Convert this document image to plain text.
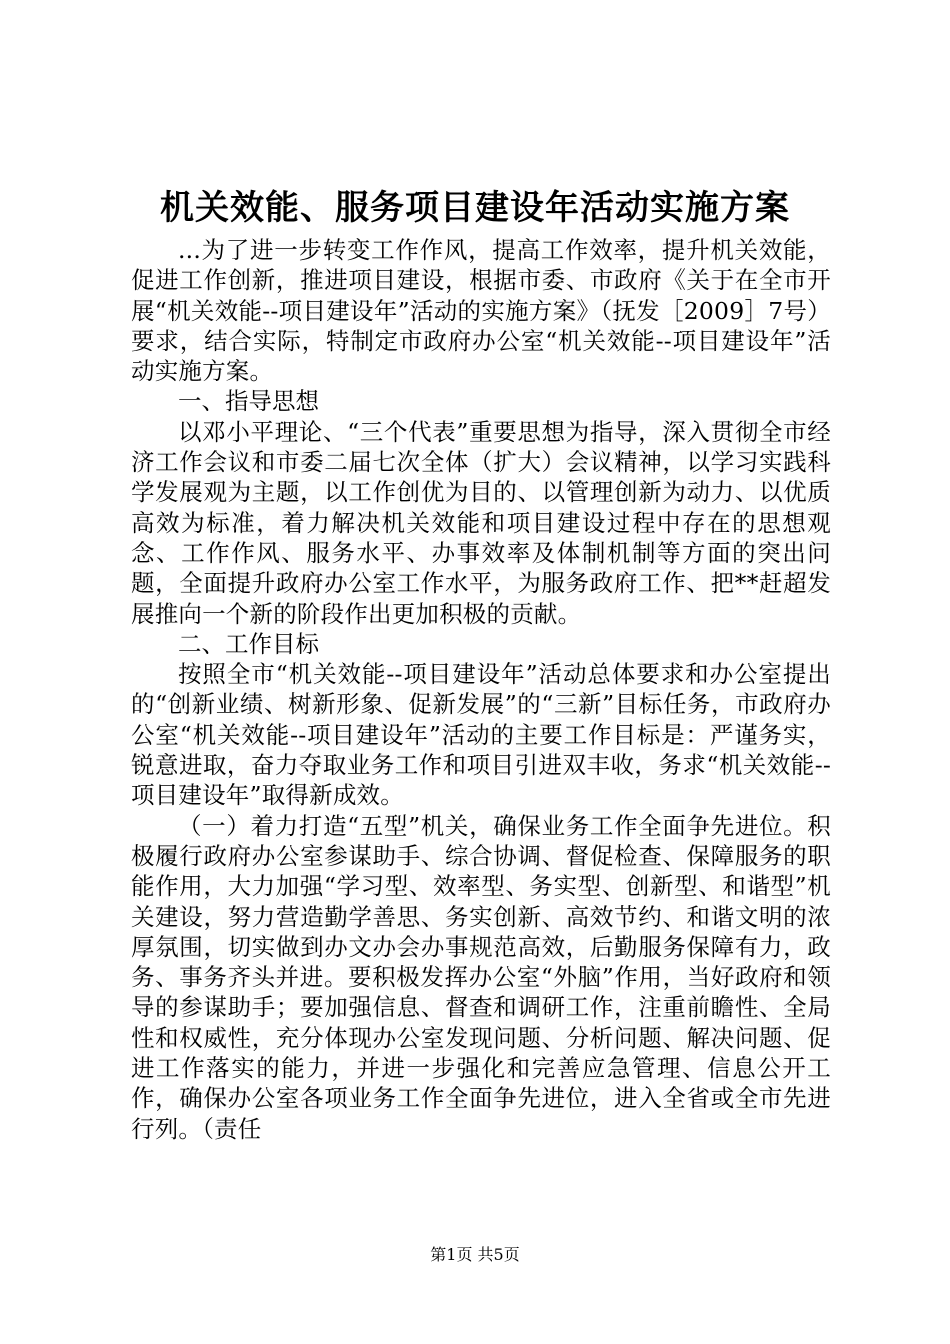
机关效能、服务项目建设年活动实施方案

...为了进一步转变工作作风，提高工作效率，提升机关效能，促进工作创新，推进项目建设，根据市委、市政府《关于在全市开展“机关效能--项目建设年”活动的实施方案》（抚发［2009］7号）要求，结合实际，特制定市政府办公室“机关效能--项目建设年”活动实施方案。

一、指导思想

以邓小平理论、“三个代表”重要思想为指导，深入贯彻全市经济工作会议和市委二届七次全体（扩大）会议精神，以学习实践科学发展观为主题，以工作创优为目的、以管理创新为动力、以优质高效为标准，着力解决机关效能和项目建设过程中存在的思想观念、工作作风、服务水平、办事效率及体制机制等方面的突出问题，全面提升政府办公室工作水平，为服务政府工作、把**赶超发展推向一个新的阶段作出更加积极的贡献。

二、工作目标

按照全市“机关效能--项目建设年”活动总体要求和办公室提出的“创新业绩、树新形象、促新发展”的“三新”目标任务，市政府办公室“机关效能--项目建设年”活动的主要工作目标是：严谨务实，锐意进取，奋力夺取业务工作和项目引进双丰收，务求“机关效能--项目建设年”取得新成效。

（一）着力打造“五型”机关，确保业务工作全面争先进位。积极履行政府办公室参谋助手、综合协调、督促检查、保障服务的职能作用，大力加强“学习型、效率型、务实型、创新型、和谐型”机关建设，努力营造勤学善思、务实创新、高效节约、和谐文明的浓厚氛围，切实做到办文办会办事规范高效，后勤服务保障有力，政务、事务齐头并进。要积极发挥办公室“外脑”作用，当好政府和领导的参谋助手；要加强信息、督查和调研工作，注重前瞻性、全局性和权威性，充分体现办公室发现问题、分析问题、解决问题、促进工作落实的能力，并进一步强化和完善应急管理、信息公开工作，确保办公室各项业务工作全面争先进位，进入全省或全市先进行列。（责任

第1页 共5页
